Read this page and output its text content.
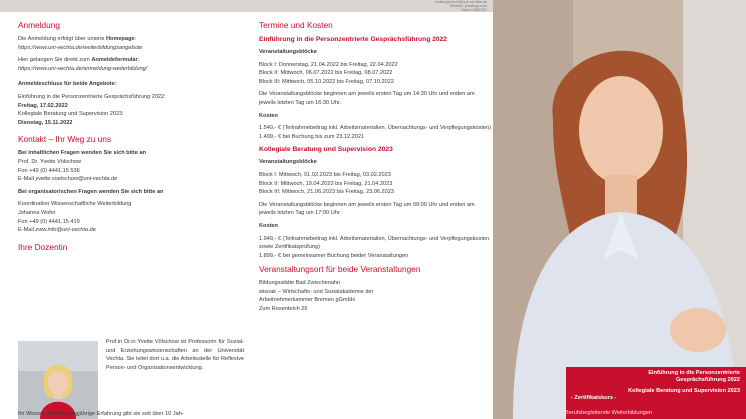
hebergement@uni-vechta.de
Titelbild: pixabay.com
Stand 08/2022
Anmeldung

Die Anmeldung erfolgt über unsere Homepage:

https://www.uni-vechta.de/weiterbildungsangebote

Hier gelangen Sie direkt zum Anmeldeformular:

https://www.uni-vechta.de/anmeldung-weiterbildung/

Anmeldeschluss für beide Angebote:

Einführung in die Personzentrierte Gesprächsführung 2022:

Freitag, 17.02.2022

Kollegiale Beratung und Supervision 2023:

Dienstag, 15.11.2022

Kontakt – Ihr Weg zu uns

Bei inhaltlichen Fragen wenden Sie sich bitte an

Prof. Dr. Yvette Völschow

Fon +49 (0) 4441.15 536

E-Mail yvette.voelschow@uni-vechta.de

Bei organisatorischen Fragen wenden Sie sich bitte an

Koordination Wissenschaftliche Weiterbildung

Johanna Wohn

Fon +49 (0) 4441.15 419

E-Mail zww.info@uni-vechta.de

Ihre Dozentin
Prof.in Dr.in Yvette Völschow ist Professorin für Sozial- und Erziehungswissenschaften an der Universität Vechta. Sie leitet dort u.a. die Arbeitsstelle für Reflexive Person- und Organisationsentwicklung.

Ihr Wissen und ihre langjährige Erfahrung gibt sie seit über 10 Jah-

Termine und Kosten
Einführung in die Personzentrierte Gesprächsführung 2022

Veranstaltungsblöcke

Block I: Donnerstag, 21.04.2022 bis Freitag, 22.04.2022

Block II: Mittwoch, 06.07.2022 bis Freitag, 08.07.2022

Block III: Mittwoch, 05.10.2022 bis Freitag, 07.10.2022

Die Veranstaltungsblöcke beginnen am jeweils ersten Tag um 14:30 Uhr und enden am jeweils letzten Tag um 16:30 Uhr.

Kosten

1.549,- € (Teilnahmebeitrag inkl. Arbeitsmaterialien, Übernachtungs- und Verpflegungskosten)

1.499,- € bei Buchung bis zum 23.12.2021

Kollegiale Beratung und Supervision 2023

Veranstaltungsblöcke

Block I: Mittwoch, 01.02.2023 bis Freitag, 03.02.2023

Block II: Mittwoch, 19.04.2023 bis Freitag, 21.04.2023

Block III: Mittwoch, 21.06.2023 bis Freitag, 23.06.2023

Die Veranstaltungsblöcke beginnen am jeweils ersten Tag um 09:00 Uhr und enden am jeweils letzten Tag um 17:00 Uhr.

Kosten

1.949,- € (Teilnahmebeitrag inkl. Arbeitsmaterialien, Übernachtungs- und Verpflegungskosten sowie Zertifikatsprüfung)

1.899,- € bei gemeinsamer Buchung beider Veranstaltungen

Veranstaltungsort für beide Veranstaltungen

Bildungsstätte Bad Zwischenahn

wisoak – Wirtschafts- und Sozialakademie der

Arbeitnehmerkammer Bremen gGmbH

Zum Rosenteich 26

Einführung in die Personzentrierte
Gesprächsführung 2022
Kollegiale Beratung und Supervision 2023
- Zertifikatskurs -
Berufsbegleitende Weiterbildungen
